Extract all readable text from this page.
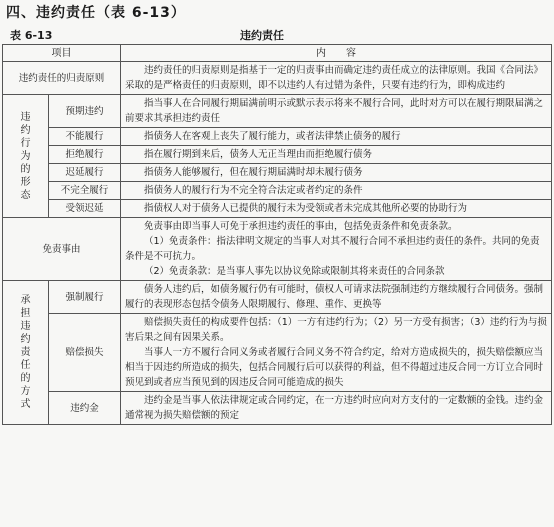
四、违约责任（表 6-13）
表 6-13	违约责任
项目		内　　容
违约责任的归责原则		违约责任的归责原则是指基于一定的归责事由而确定违约责任成立的法律原则。我国《合同法》采取的是严格责任的归责原则，即不以违约人有过错为条件，只要有违约行为，即构成违约

违约行为的形态	预期违约	指当事人在合同履行期届满前明示或默示表示将来不履行合同，此时对方可以在履行期限届满之前要求其承担违约责任

	不能履行	指债务人在客观上丧失了履行能力，或者法律禁止债务的履行

	拒绝履行	指在履行期到来后，债务人无正当理由而拒绝履行债务

	迟延履行	指债务人能够履行，但在履行期届满时却未履行债务

	不完全履行	指债务人的履行行为不完全符合法定或者约定的条件

	受领迟延	指债权人对于债务人已提供的履行未为受领或者未完成其他所必要的协助行为

免责事由		免责事由即当事人可免于承担违约责任的事由，包括免责条件和免责条款。
（1）免责条件：指法律明文规定的当事人对其不履行合同不承担违约责任的条件。共同的免责条件是不可抗力。
（2）免责条款：是当事人事先以协议免除或限制其将来责任的合同条款

承担违约责任的方式	强制履行	债务人违约后，如债务履行仍有可能时，债权人可请求法院强制违约方继续履行合同债务。强制履行的表现形态包括令债务人限期履行、修理、重作、更换等

	赔偿损失	赔偿损失责任的构成要件包括：（1）一方有违约行为；（2）另一方受有损害；（3）违约行为与损害后果之间有因果关系。
当事人一方不履行合同义务或者履行合同义务不符合约定，给对方造成损失的，损失赔偿额应当相当于因违约所造成的损失，包括合同履行后可以获得的利益，但不得超过违反合同一方订立合同时预见到或者应当预见到的因违反合同可能造成的损失

	违约金	违约金是当事人依法律规定或合同约定，在一方违约时应向对方支付的一定数额的金钱。违约金通常视为损失赔偿额的预定
